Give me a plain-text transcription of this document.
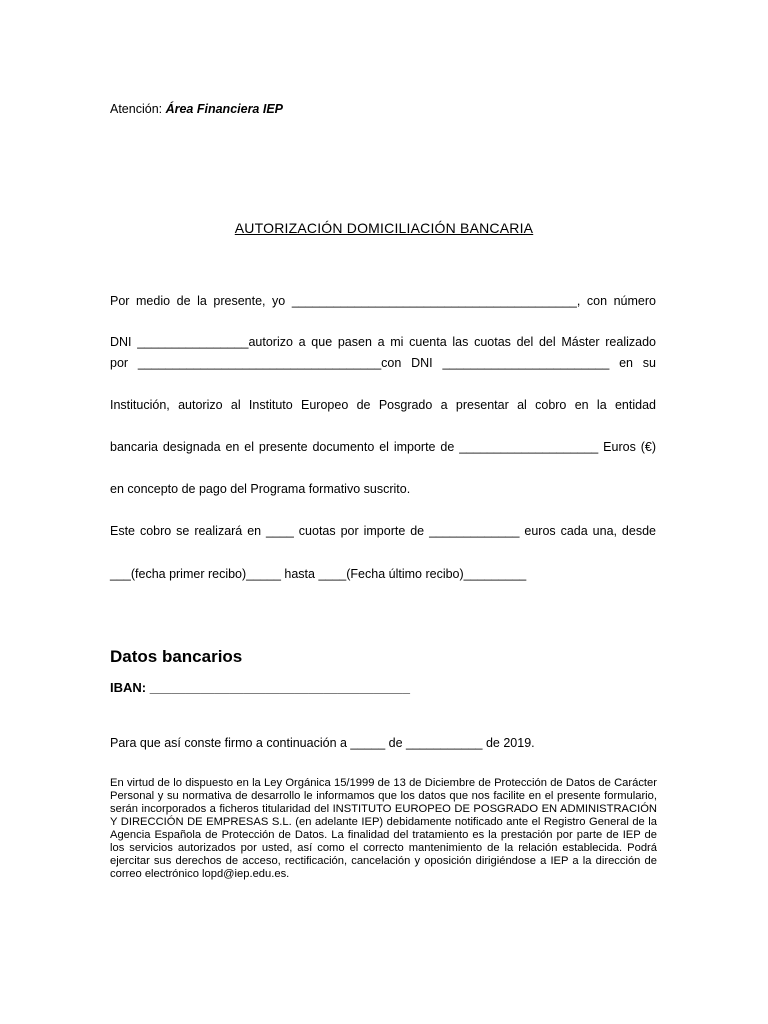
Atención: Área Financiera IEP
AUTORIZACIÓN DOMICILIACIÓN BANCARIA
Por medio de la presente, yo _________________________________________, con número
DNI ________________autorizo a que pasen a mi cuenta las cuotas del del Máster realizado
por ___________________________________con DNI ________________________ en su
Institución, autorizo al Instituto Europeo de Posgrado a presentar al cobro en la entidad
bancaria designada en el presente documento el importe de ____________________ Euros (€)
en concepto de pago del Programa formativo suscrito.
Este cobro se realizará en ____ cuotas por importe de _____________ euros cada una, desde
___(fecha primer recibo)_____ hasta ____(Fecha último recibo)_________
Datos bancarios
IBAN: ____________________________________
Para que así conste firmo a continuación a _____ de ___________ de 2019.
En virtud de lo dispuesto en la Ley Orgánica 15/1999 de 13 de Diciembre de Protección de Datos de Carácter Personal y su normativa de desarrollo le informamos que los datos que nos facilite en el presente formulario, serán incorporados a ficheros titularidad del INSTITUTO EUROPEO DE POSGRADO EN ADMINISTRACIÓN Y DIRECCIÓN DE EMPRESAS S.L. (en adelante IEP) debidamente notificado ante el Registro General de la Agencia Española de Protección de Datos. La finalidad del tratamiento es la prestación por parte de IEP de los servicios autorizados por usted, así como el correcto mantenimiento de la relación establecida. Podrá ejercitar sus derechos de acceso, rectificación, cancelación y oposición dirigiéndose a IEP a la dirección de correo electrónico lopd@iep.edu.es.
